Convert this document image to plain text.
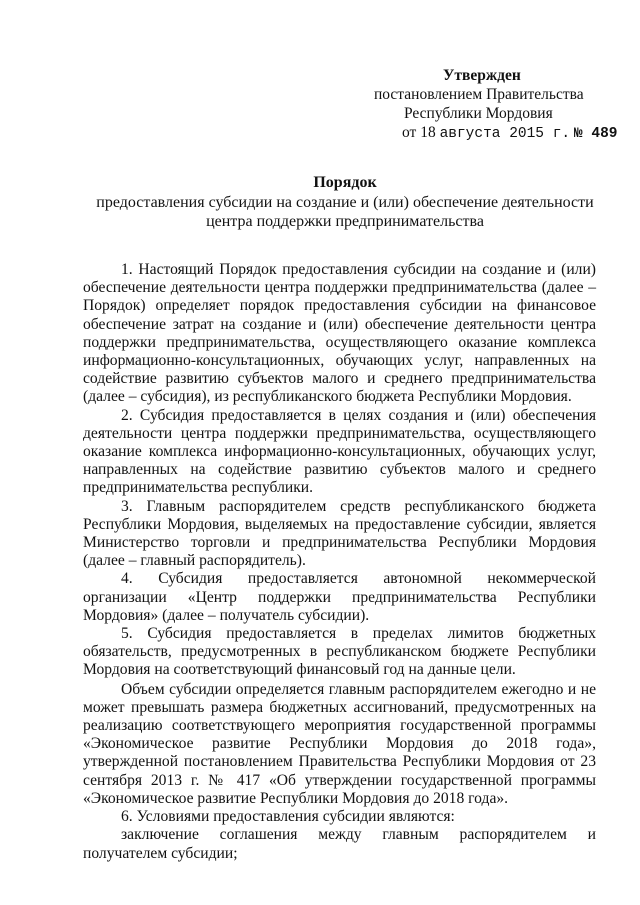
Утвержден
постановлением Правительства
Республики Мордовия
от 18 августа 2015 г. № 489
Порядок
предоставления субсидии на создание и (или) обеспечение деятельности
центра поддержки предпринимательства

1. Настоящий Порядок предоставления субсидии на создание и (или) обеспечение деятельности центра поддержки предпринимательства (далее – Порядок) определяет порядок предоставления субсидии на финансовое обеспечение затрат на создание и (или) обеспечение деятельности центра поддержки предпринимательства, осуществляющего оказание комплекса информационно-консультационных, обучающих услуг, направленных на содействие развитию субъектов малого и среднего предпринимательства (далее – субсидия), из республиканского бюджета Республики Мордовия.

2. Субсидия предоставляется в целях создания и (или) обеспечения деятельности центра поддержки предпринимательства, осуществляющего оказание комплекса информационно-консультационных, обучающих услуг, направленных на содействие развитию субъектов малого и среднего предпринимательства республики.

3. Главным распорядителем средств республиканского бюджета Республики Мордовия, выделяемых на предоставление субсидии, является Министерство торговли и предпринимательства Республики Мордовия (далее – главный распорядитель).

4. Субсидия предоставляется автономной некоммерческой организации «Центр поддержки предпринимательства Республики Мордовия» (далее – получатель субсидии).

5. Субсидия предоставляется в пределах лимитов бюджетных обязательств, предусмотренных в республиканском бюджете Республики Мордовия на соответствующий финансовый год на данные цели.

Объем субсидии определяется главным распорядителем ежегодно и не может превышать размера бюджетных ассигнований, предусмотренных на реализацию соответствующего мероприятия государственной программы «Экономическое развитие Республики Мордовия до 2018 года», утвержденной постановлением Правительства Республики Мордовия от 23 сентября 2013 г. № 417 «Об утверждении государственной программы «Экономическое развитие Республики Мордовия до 2018 года».

6. Условиями предоставления субсидии являются:

заключение соглашения между главным распорядителем и получателем субсидии;
